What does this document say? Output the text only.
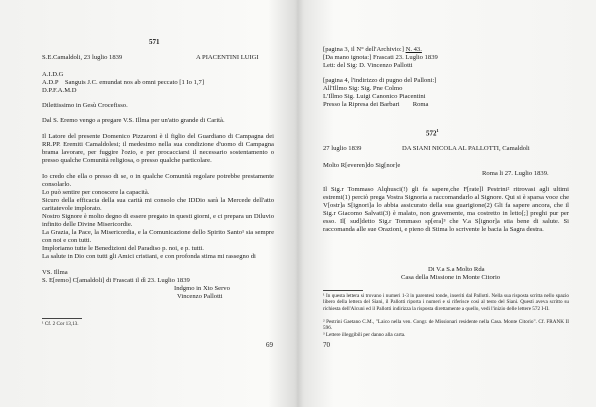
571
S.E.Camaldoli, 23 luglio 1839	A PIACENTINI LUIGI
A.I.D.G
A.D.P    Sanguis J.C. emundat nos ab omni peccato [1 Io 1,7]
D.P.F.A.M.D
Dilettissimo in Gesù Crocefisso.
Dal S. Eremo vengo a pregare V.S. Illma per un'atto grande di Carità.
Il Latore del presente Domenico Pizzaroni è il figlio del Guardiano di Campagna dei RR.PP. Eremiti Camaldolesi; il medesimo nella sua condizione d'uomo di Campagna brama lavorare, per fuggire l'ozio, e per procacciarsi il necessario sostentamento o presso qualche Comunità religiosa, o presso qualche particolare.
Io credo che ella o presso di se, o in qualche Comunità regolare potrebbe prestamente consolarlo.
Lo può sentire per conoscere la capacità.
Sicuro della efficacia della sua carità mi consolo che IDDio sarà la Mercede dell'atto caritatevole implorato.
Nostro Signore è molto degno di essere pregato in questi giorni, e ci prepara un Diluvio infinito delle Divine Misericordie.
La Grazia, la Pace, la Misericordia, e la Comunicazione dello Spirito Santo¹ sia sempre con noi e con tutti.
Imploriamo tutte le Benedizioni del Paradiso p. noi, e p. tutti.
La salute in Dio con tutti gli Amici cristiani, e con profonda stima mi rassegno di
VS. Illma
S. E[remo] C[amaldoli] di Frascati il dì 23. Luglio 1839
Indgmo in Xto Servo
Vincenzo Pallotti
¹ Cf. 2 Cor 13,13.
69
[pagina 3, il N° dell'Archivio:] N. 43.
[Da mano ignota:] Frascati 23. Luglio 1839
Lett: del Sig: D. Vincenzo Pallotti
[pagina 4, l'indirizzo di pugno del Palloni:]
All'Illmo Sig: Sig. Pne Colmo
L'Illmo Sig. Luigi Canonico Piacentini
Presso la Ripresa dei Barbari        Roma
$572^1$
27 luglio 1839	DA SIANI NICOLA AL PALLOTTI, Camaldoli
Molto R[everen]do Sig[nor]e
Roma li 27. Luglio 1839.
Il Sig.r Tommaso Alqhusci(!) gli fa sapere,che F[rate]l Pestrini² ritrovasi agli ultimi estremi(1) perciò prega Vostra Signoria a raccomandarlo al Signore. Qui si è sparsa voce che V[ostr]a S[ignori]a lo abbia assicurato della sua guarigione(2) Gli fa sapere ancora, che il Sig.r Giacomo Salvati(3) è malato, non gravemente, ma costretto in letto[;] preghi pur per esso. Il[ sud]detto Sig.r Tommaso sp[era]³ che V.a S[ignor]a stia bene di salute. Si raccomanda alle sue Orazioni, e pieno di Stima lo scrivente le bacia la Sagra destra.
Di V.a S.a Molto Rda
Casa della Missione in Monte Citorio
¹ In questa lettera si trovano i numeri 1-3 in parentesi tonde, inseriti dal Pallotti. Nella sua risposta scritta nello spazio libero della lettera del Siani, il Pallotti riporta i numeri e si riferisce così al testo del Siani. Questi aveva scritto su richiesta dell'Alcuni ed il Pallotti indirizza la risposta direttamente a quello, vedi l'inizio delle lettere 572 I-II.
² Pestrini Gaetano C.M., "Laico nella ven. Congr. de Missionari residente nella Casa. Monte Citorio". Cf. FRANK II 596.
³ Lettere illeggibili per danno alla carta.
70
